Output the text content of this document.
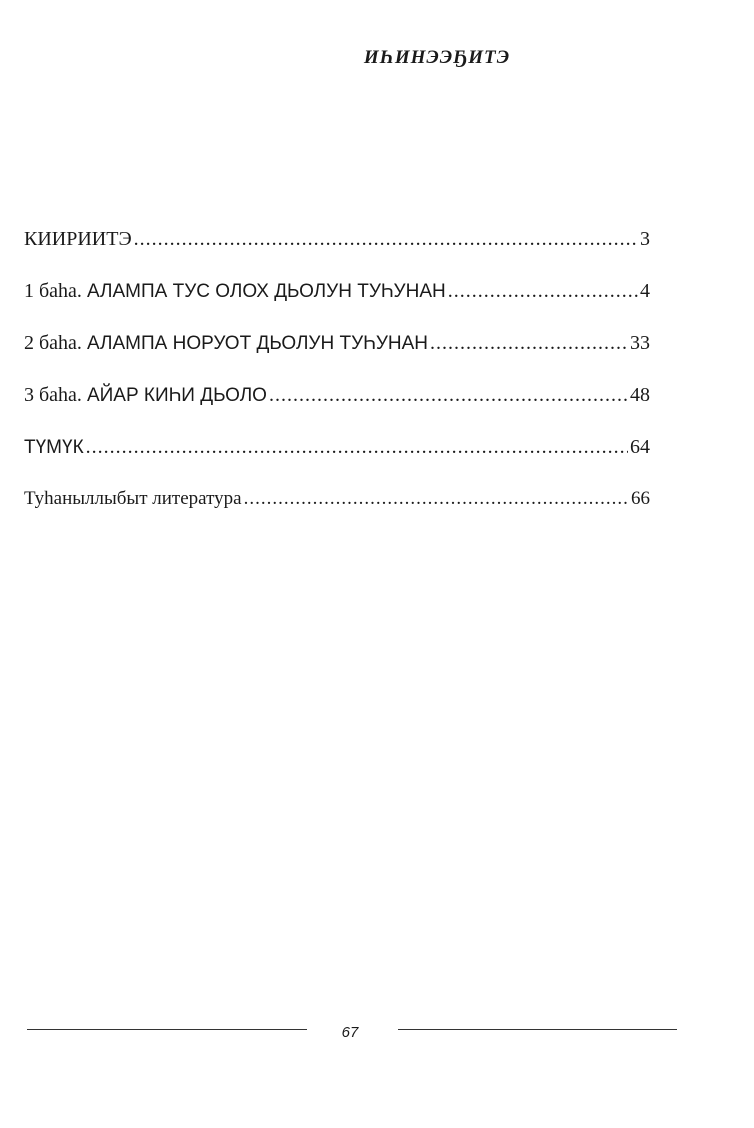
ИҺИНЭЭҔИТЭ
КИИРИИТЭ .....	3
1 баһа. АЛАМПА ТУС ОЛОХ ДЬОЛУН ТУҺУНАН .....	4
2 баһа. АЛАМПА НОРУОТ ДЬОЛУН ТУҺУНАН .....	33
3 баһа. АЙАР КИҺИ ДЬОЛО .....	48
ТҮМҮК .....	64
Туһаныллыбыт литература .....	66
67
